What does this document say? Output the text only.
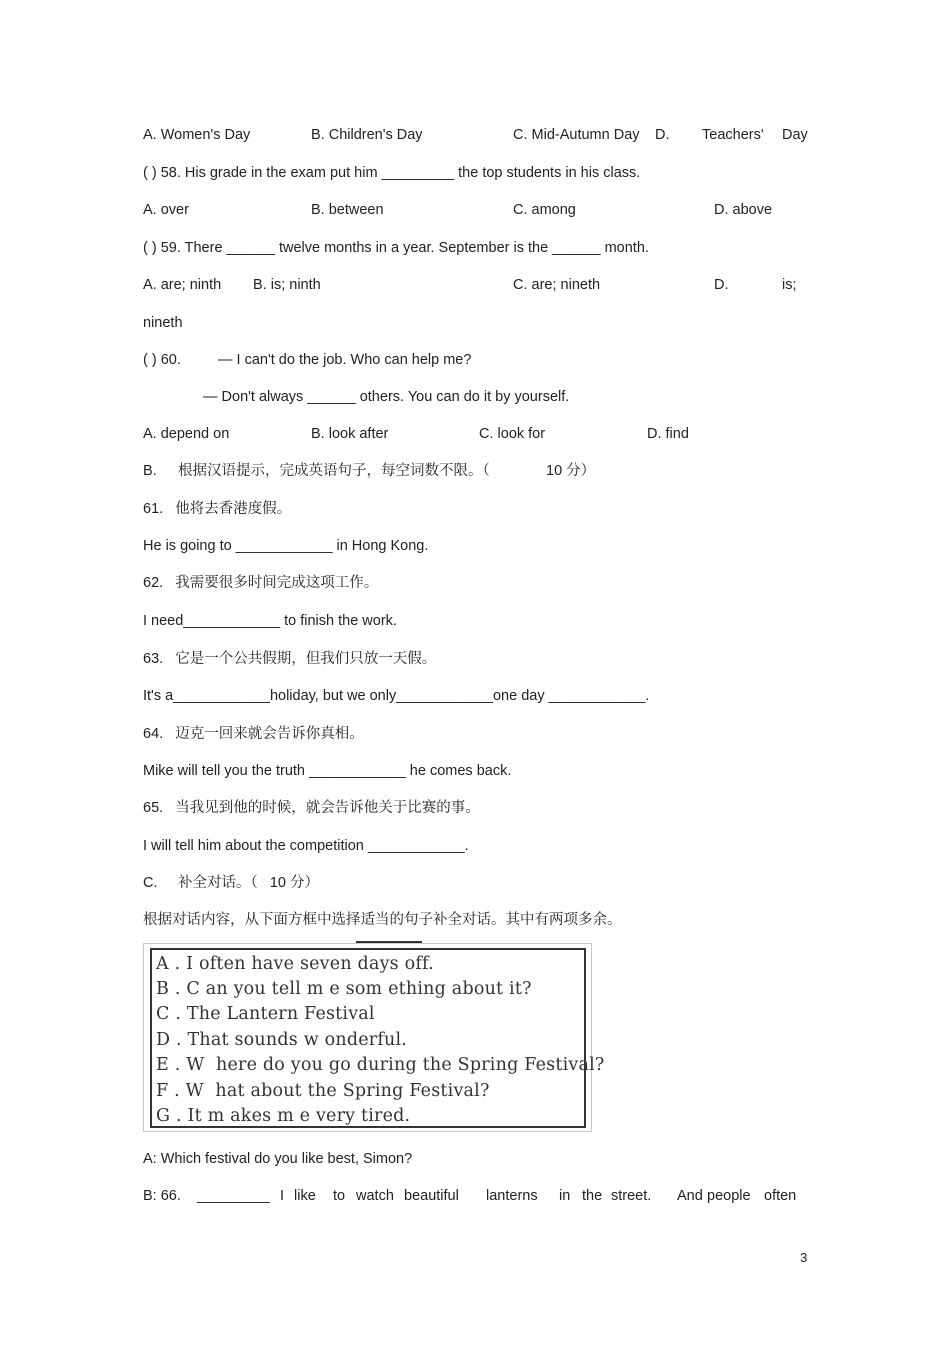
A. Women's Day	B. Children's Day	C. Mid-Autumn Day D. Teachers' Day
( ) 58. His grade in the exam put him _________ the top students in his class.
A. over	B. between	C. among	D. above
( ) 59. There ______ twelve months in a year. September is the ______ month.
A. are; ninth B. is; ninth	C. are; nineth	D.	is;
nineth
( ) 60.	— I can't do the job. Who can help me?
— Don't always ______ others. You can do it by yourself.
A. depend on	B. look after	C. look for	D. find
B. 根据汉语提示，完成英语句子，每空词数不限。（	10 分）
61.   他将去香港度假。
He is going to ____________ in Hong Kong.
62.   我需要很多时间完成这项工作。
I need____________ to finish the work.
63.   它是一个公共假期，但我们只放一天假。
It's a____________holiday, but we only____________one day ____________.
64.   迈克一回来就会告诉你真相。
Mike will tell you the truth ____________ he comes back.
65.   当我见到他的时候，就会告诉他关于比赛的事。
I will tell him about the competition ____________.
C. 补全对话。（   10 分）
根据对话内容，从下面方框中选择适当的句子补全对话。其中有两项多余。
A . I often have seven days off.
B . C an you tell m e som ething about it?
C . The Lantern Festival
D . That sounds w onderful.
E . W  here do you go during the Spring Festival?
F . W  hat about the Spring Festival?
G . It m akes m e very tired.
A: Which festival do you like best, Simon?
B: 66. _________ I like to watch beautiful lanterns in the street. And people often
3
